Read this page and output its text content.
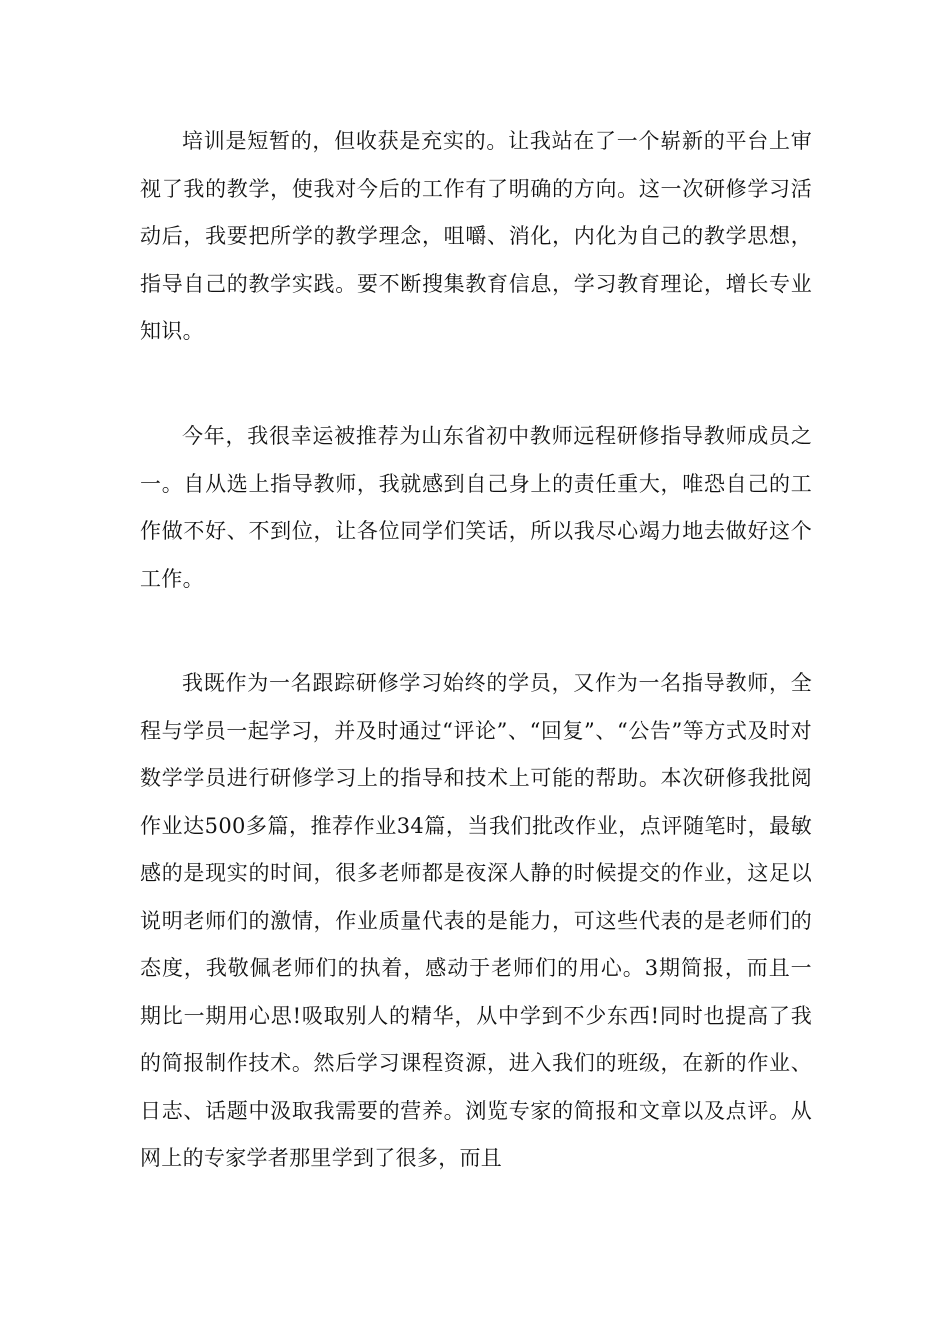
培训是短暂的，但收获是充实的。让我站在了一个崭新的平台上审视了我的教学，使我对今后的工作有了明确的方向。这一次研修学习活动后，我要把所学的教学理念，咀嚼、消化，内化为自己的教学思想，指导自己的教学实践。要不断搜集教育信息，学习教育理论，增长专业知识。

今年，我很幸运被推荐为山东省初中教师远程研修指导教师成员之一。自从选上指导教师，我就感到自己身上的责任重大，唯恐自己的工作做不好、不到位，让各位同学们笑话，所以我尽心竭力地去做好这个工作。

我既作为一名跟踪研修学习始终的学员，又作为一名指导教师，全程与学员一起学习，并及时通过“评论”、“回复”、“公告”等方式及时对数学学员进行研修学习上的指导和技术上可能的帮助。本次研修我批阅作业达500多篇，推荐作业34篇，当我们批改作业，点评随笔时，最敏感的是现实的时间，很多老师都是夜深人静的时候提交的作业，这足以说明老师们的激情，作业质量代表的是能力，可这些代表的是老师们的态度，我敬佩老师们的执着，感动于老师们的用心。3期简报，而且一期比一期用心思!吸取别人的精华，从中学到不少东西!同时也提高了我的简报制作技术。然后学习课程资源，进入我们的班级，在新的作业、日志、话题中汲取我需要的营养。浏览专家的简报和文章以及点评。从网上的专家学者那里学到了很多，而且
